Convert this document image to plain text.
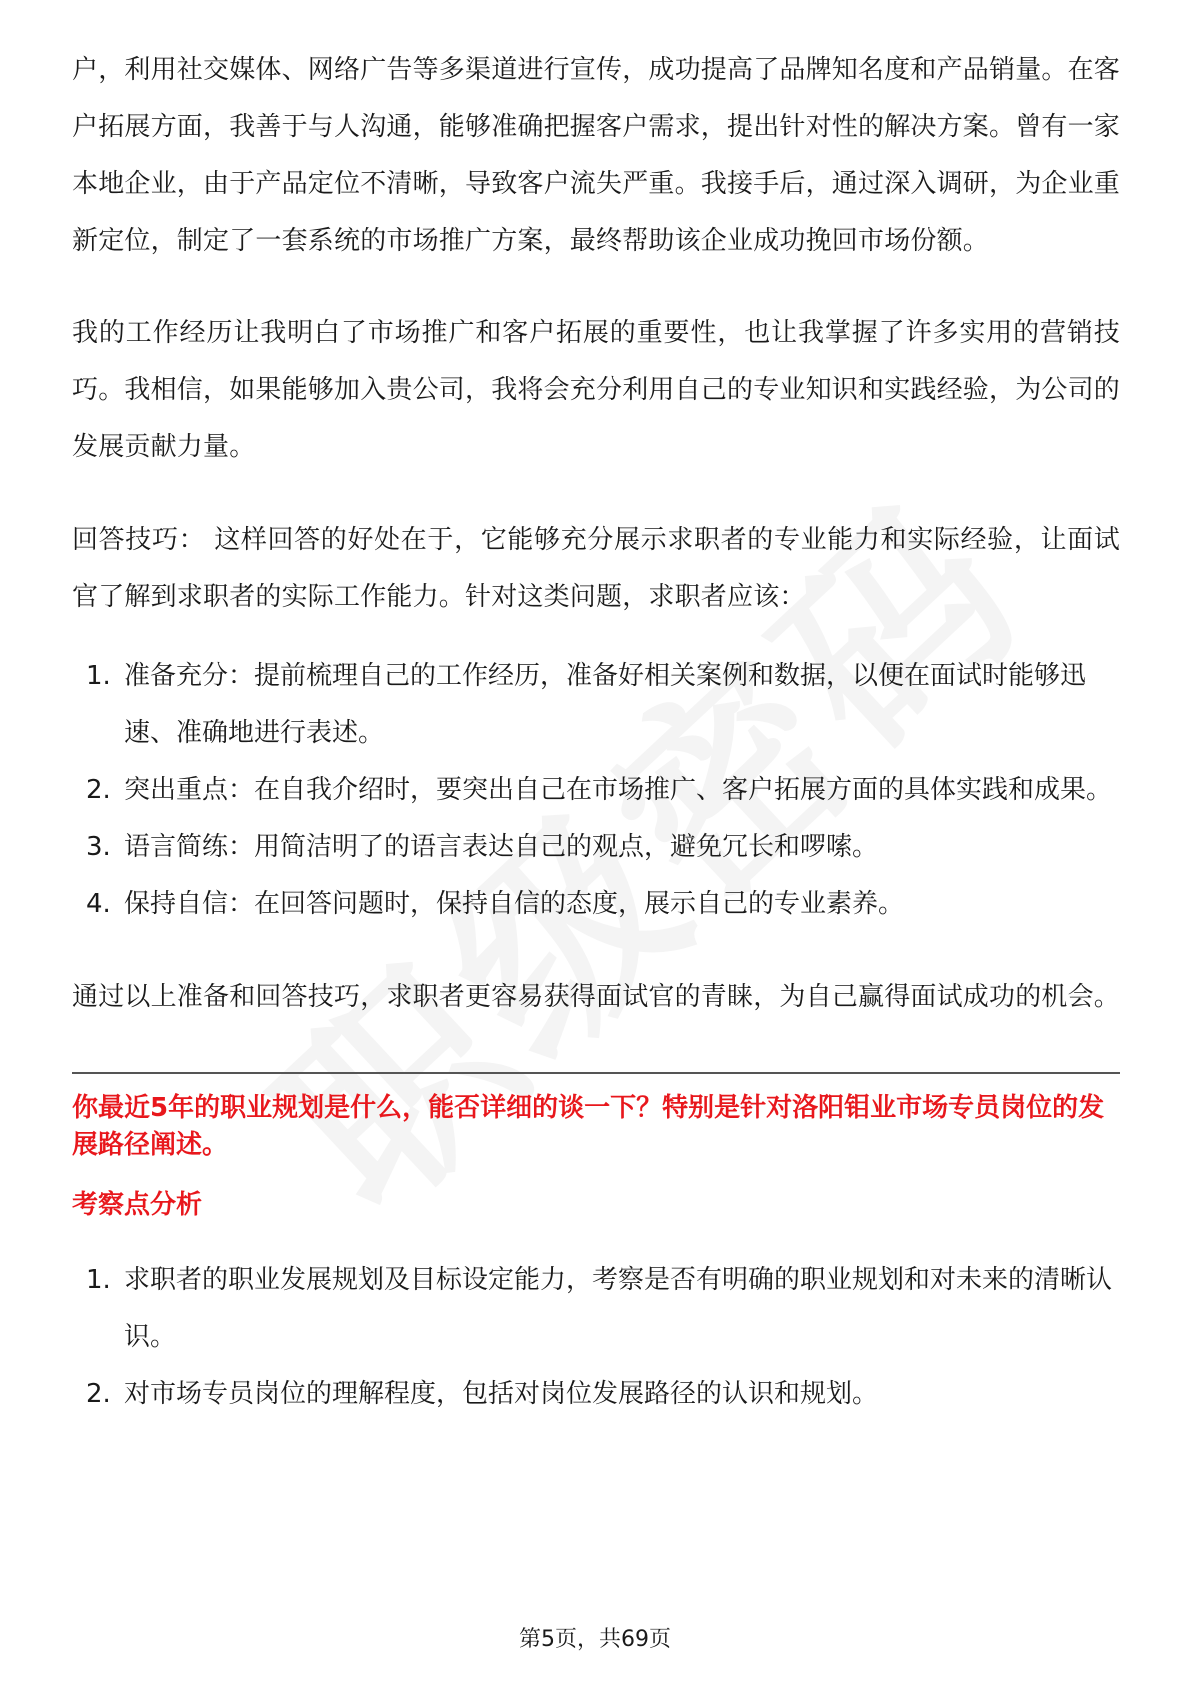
户，利用社交媒体、网络广告等多渠道进行宣传，成功提高了品牌知名度和产品销量。在客户拓展方面，我善于与人沟通，能够准确把握客户需求，提出针对性的解决方案。曾有一家本地企业，由于产品定位不清晰，导致客户流失严重。我接手后，通过深入调研，为企业重新定位，制定了一套系统的市场推广方案，最终帮助该企业成功挽回市场份额。

我的工作经历让我明白了市场推广和客户拓展的重要性，也让我掌握了许多实用的营销技巧。我相信，如果能够加入贵公司，我将会充分利用自己的专业知识和实践经验，为公司的发展贡献力量。

回答技巧： 这样回答的好处在于，它能够充分展示求职者的专业能力和实际经验，让面试官了解到求职者的实际工作能力。针对这类问题，求职者应该：

1. 准备充分：提前梳理自己的工作经历，准备好相关案例和数据，以便在面试时能够迅速、准确地进行表述。
2. 突出重点：在自我介绍时，要突出自己在市场推广、客户拓展方面的具体实践和成果。
3. 语言简练：用简洁明了的语言表达自己的观点，避免冗长和啰嗦。
4. 保持自信：在回答问题时，保持自信的态度，展示自己的专业素养。

通过以上准备和回答技巧，求职者更容易获得面试官的青睐，为自己赢得面试成功的机会。

你最近5年的职业规划是什么，能否详细的谈一下？特别是针对洛阳钼业市场专员岗位的发展路径阐述。
考察点分析
1. 求职者的职业发展规划及目标设定能力，考察是否有明确的职业规划和对未来的清晰认识。
2. 对市场专员岗位的理解程度，包括对岗位发展路径的认识和规划。
第5页，共69页
